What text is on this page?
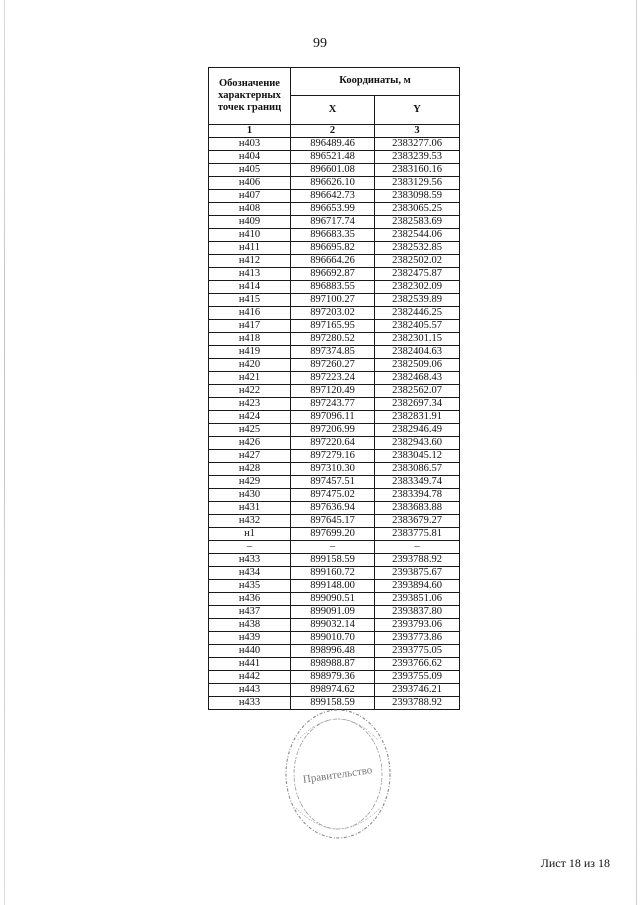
99
Обозначение характерных точек границ	Координаты, м	
	X	Y
1	2	3
н403	896489.46	2383277.06
н404	896521.48	2383239.53
н405	896601.08	2383160.16
н406	896626.10	2383129.56
н407	896642.73	2383098.59
н408	896653.99	2383065.25
н409	896717.74	2382583.69
н410	896683.35	2382544.06
н411	896695.82	2382532.85
н412	896664.26	2382502.02
н413	896692.87	2382475.87
н414	896883.55	2382302.09
н415	897100.27	2382539.89
н416	897203.02	2382446.25
н417	897165.95	2382405.57
н418	897280.52	2382301.15
н419	897374.85	2382404.63
н420	897260.27	2382509.06
н421	897223.24	2382468.43
н422	897120.49	2382562.07
н423	897243.77	2382697.34
н424	897096.11	2382831.91
н425	897206.99	2382946.49
н426	897220.64	2382943.60
н427	897279.16	2383045.12
н428	897310.30	2383086.57
н429	897457.51	2383349.74
н430	897475.02	2383394.78
н431	897636.94	2383683.88
н432	897645.17	2383679.27
н1	897699.20	2383775.81
–	–	–
н433	899158.59	2393788.92
н434	899160.72	2393875.67
н435	899148.00	2393894.60
н436	899090.51	2393851.06
н437	899091.09	2393837.80
н438	899032.14	2393793.06
н439	899010.70	2393773.86
н440	898996.48	2393775.05
н441	898988.87	2393766.62
н442	898979.36	2393755.09
н443	898974.62	2393746.21
н433	899158.59	2393788.92
Правительство
Лист 18 из 18
